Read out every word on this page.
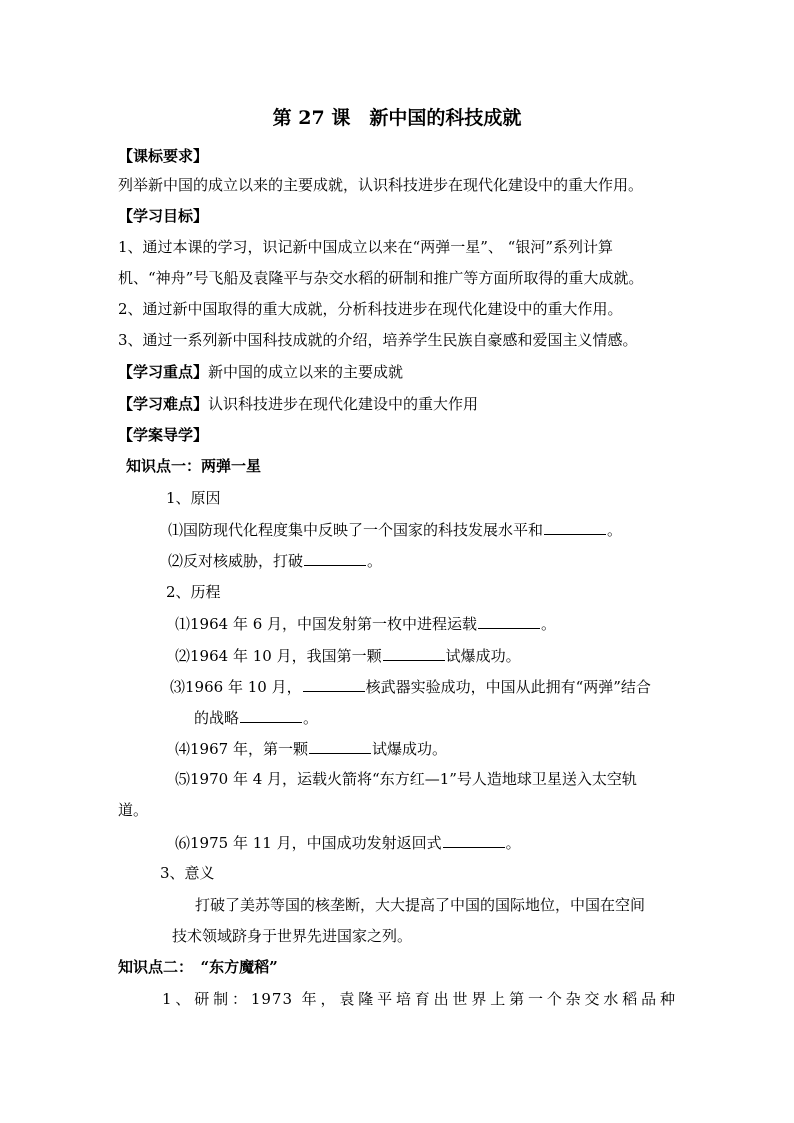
第 27 课　新中国的科技成就
【课标要求】
列举新中国的成立以来的主要成就，认识科技进步在现代化建设中的重大作用。
【学习目标】
1、通过本课的学习，识记新中国成立以来在“两弹一星”、 “银河”系列计算
机、“神舟”号飞船及袁隆平与杂交水稻的研制和推广等方面所取得的重大成就。
2、通过新中国取得的重大成就，分析科技进步在现代化建设中的重大作用。
3、通过一系列新中国科技成就的介绍，培养学生民族自豪感和爱国主义情感。
【学习重点】新中国的成立以来的主要成就
【学习难点】认识科技进步在现代化建设中的重大作用
【学案导学】
知识点一：两弹一星
1、原因
⑴国防现代化程度集中反映了一个国家的科技发展水平和	。
⑵反对核威胁，打破	。
2、历程
⑴1964 年 6 月，中国发射第一枚中进程运载	。
⑵1964 年 10 月，我国第一颗	试爆成功。
⑶1966 年 10 月，	核武器实验成功，中国从此拥有“两弹”结合
的战略	。
⑷1967 年，第一颗	试爆成功。
⑸1970 年 4 月，运载火箭将“东方红—1”号人造地球卫星送入太空轨
道。
⑹1975 年 11 月，中国成功发射返回式	。
3、意义
打破了美苏等国的核垄断，大大提高了中国的国际地位，中国在空间
技术领域跻身于世界先进国家之列。
知识点二：　“东方魔稻”
1、研制：1973 年，袁隆平培育出世界上第一个杂交水稻品种
